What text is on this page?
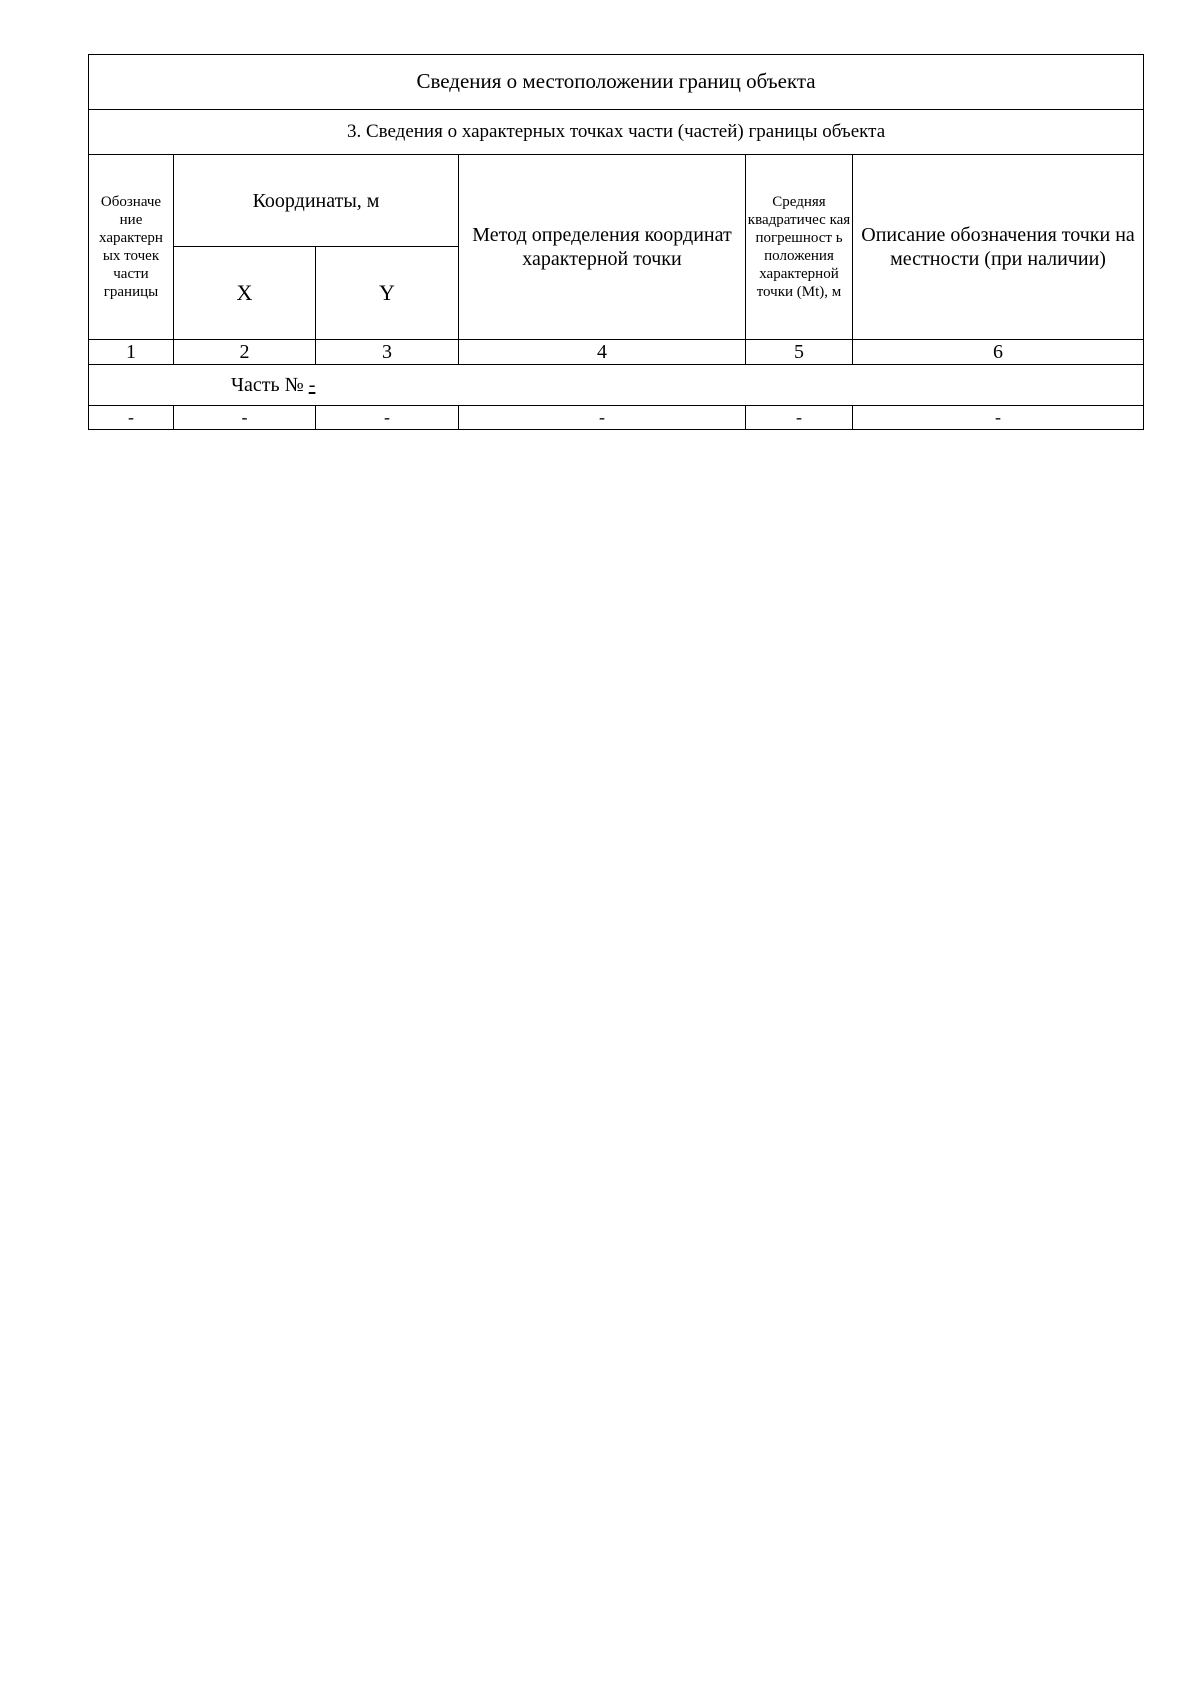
Сведения о местоположении границ объекта					
3. Сведения о характерных точках части (частей) границы объекта					
Обозначе ние характерн ых точек части границы	Координаты, м		Метод определения координат характерной точки	Средняя квадратичес кая погрешност ь положения характерной точки (Mt), м	Описание обозначения точки на местности (при наличии)
	X	Y			
1	2	3	4	5	6
Часть № -					
-	-	-	-	-	-
